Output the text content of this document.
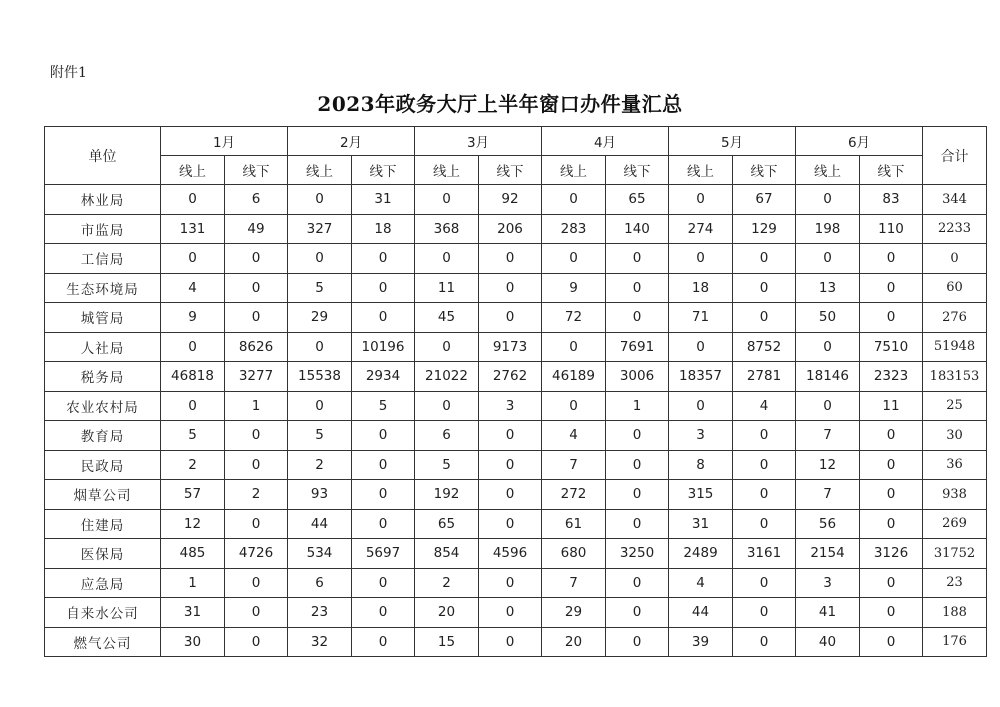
附件1
2023年政务大厅上半年窗口办件量汇总
单位	1月		2月		3月		4月		5月		6月		合计
	线上	线下	线上	线下	线上	线下	线上	线下	线上	线下	线上	线下	
林业局	0	6	0	31	0	92	0	65	0	67	0	83	344
市监局	131	49	327	18	368	206	283	140	274	129	198	110	2233
工信局	0	0	0	0	0	0	0	0	0	0	0	0	0
生态环境局	4	0	5	0	11	0	9	0	18	0	13	0	60
城管局	9	0	29	0	45	0	72	0	71	0	50	0	276
人社局	0	8626	0	10196	0	9173	0	7691	0	8752	0	7510	51948
税务局	46818	3277	15538	2934	21022	2762	46189	3006	18357	2781	18146	2323	183153
农业农村局	0	1	0	5	0	3	0	1	0	4	0	11	25
教育局	5	0	5	0	6	0	4	0	3	0	7	0	30
民政局	2	0	2	0	5	0	7	0	8	0	12	0	36
烟草公司	57	2	93	0	192	0	272	0	315	0	7	0	938
住建局	12	0	44	0	65	0	61	0	31	0	56	0	269
医保局	485	4726	534	5697	854	4596	680	3250	2489	3161	2154	3126	31752
应急局	1	0	6	0	2	0	7	0	4	0	3	0	23
自来水公司	31	0	23	0	20	0	29	0	44	0	41	0	188
燃气公司	30	0	32	0	15	0	20	0	39	0	40	0	176
